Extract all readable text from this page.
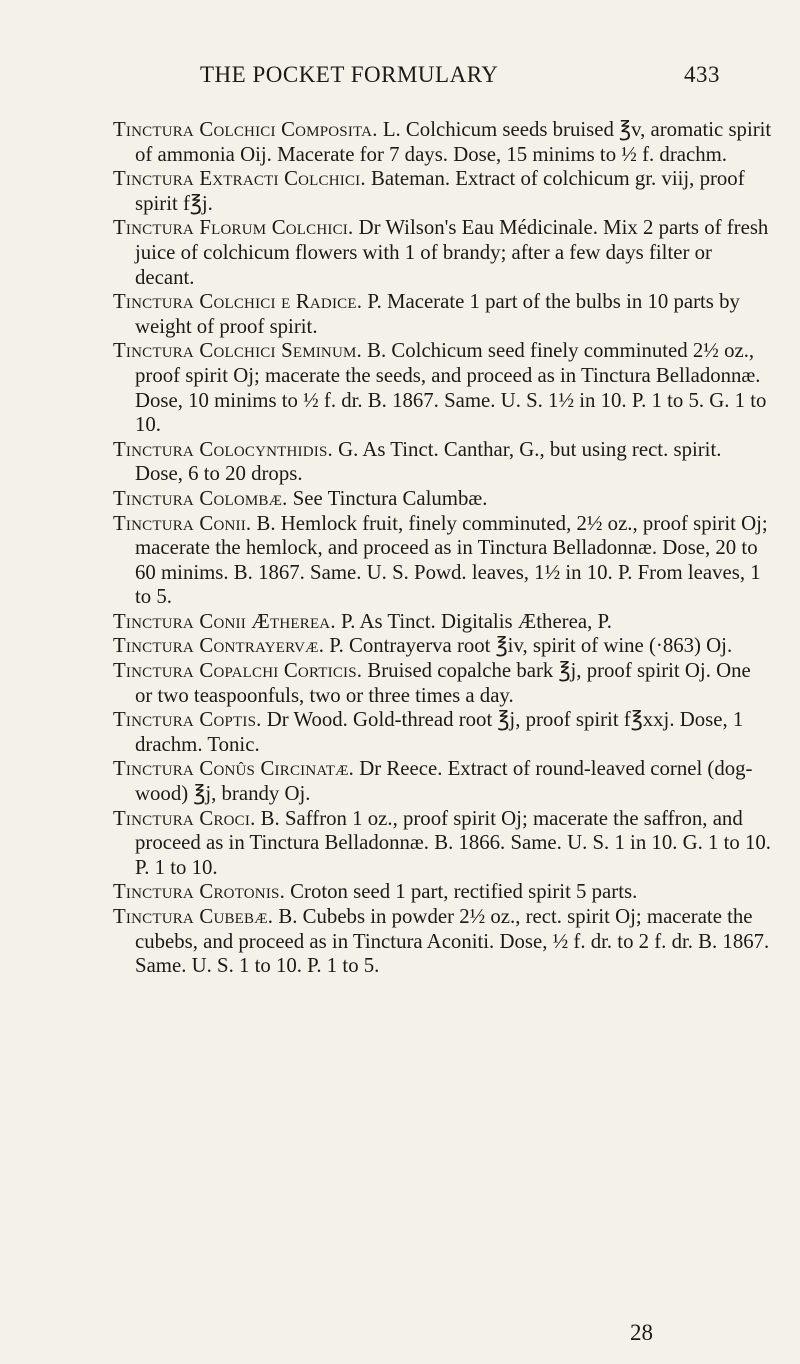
THE POCKET FORMULARY	433

Tinctura Colchici Composita. L. Colchicum seeds bruised ℥v, aromatic spirit of ammonia Oij. Macerate for 7 days. Dose, 15 minims to ½ f. drachm.

Tinctura Extracti Colchici. Bateman. Extract of colchicum gr. viij, proof spirit f℥j.

Tinctura Florum Colchici. Dr Wilson's Eau Médicinale. Mix 2 parts of fresh juice of colchicum flowers with 1 of brandy; after a few days filter or decant.

Tinctura Colchici e Radice. P. Macerate 1 part of the bulbs in 10 parts by weight of proof spirit.

Tinctura Colchici Seminum. B. Colchicum seed finely comminuted 2½ oz., proof spirit Oj; macerate the seeds, and proceed as in Tinctura Belladonnæ. Dose, 10 minims to ½ f. dr. B. 1867. Same. U. S. 1½ in 10. P. 1 to 5. G. 1 to 10.

Tinctura Colocynthidis. G. As Tinct. Canthar, G., but using rect. spirit. Dose, 6 to 20 drops.

Tinctura Colombæ. See Tinctura Calumbæ.

Tinctura Conii. B. Hemlock fruit, finely comminuted, 2½ oz., proof spirit Oj; macerate the hemlock, and proceed as in Tinctura Belladonnæ. Dose, 20 to 60 minims. B. 1867. Same. U. S. Powd. leaves, 1½ in 10. P. From leaves, 1 to 5.

Tinctura Conii Ætherea. P. As Tinct. Digitalis Ætherea, P.

Tinctura Contrayervæ. P. Contrayerva root ℥iv, spirit of wine (·863) Oj.

Tinctura Copalchi Corticis. Bruised copalche bark ℥j, proof spirit Oj. One or two teaspoonfuls, two or three times a day.

Tinctura Coptis. Dr Wood. Gold-thread root ℥j, proof spirit f℥xxj. Dose, 1 drachm. Tonic.

Tinctura Conûs Circinatæ. Dr Reece. Extract of round-leaved cornel (dog-wood) ℥j, brandy Oj.

Tinctura Croci. B. Saffron 1 oz., proof spirit Oj; macerate the saffron, and proceed as in Tinctura Belladonnæ. B. 1866. Same. U. S. 1 in 10. G. 1 to 10. P. 1 to 10.

Tinctura Crotonis. Croton seed 1 part, rectified spirit 5 parts.

Tinctura Cubebæ. B. Cubebs in powder 2½ oz., rect. spirit Oj; macerate the cubebs, and proceed as in Tinctura Aconiti. Dose, ½ f. dr. to 2 f. dr. B. 1867. Same. U. S. 1 to 10. P. 1 to 5.

28
